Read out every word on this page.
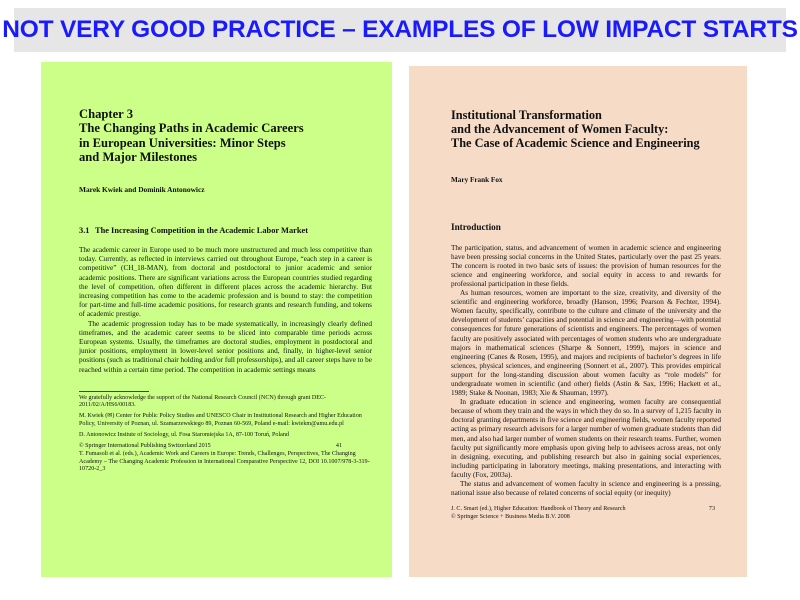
NOT VERY GOOD PRACTICE – EXAMPLES OF LOW IMPACT STARTS

Chapter 3

The Changing Paths in Academic Careers

in European Universities: Minor Steps

and Major Milestones

Marek Kwiek and Dominik Antonowicz
3.1 The Increasing Competition in the Academic Labor Market

The academic career in Europe used to be much more unstructured and much less competitive than today. Currently, as reflected in interviews carried out throughout Europe, “each step in a career is competitive” (CH_18-MAN), from doctoral and postdoctoral to junior academic and senior academic positions. There are significant variations across the European countries studied regarding the level of competition, often different in different places across the academic hierarchy. But increasing competition has come to the academic profession and is bound to stay: the competition for part-time and full-time academic positions, for research grants and research funding, and tokens of academic prestige.

The academic progression today has to be made systematically, in increasingly clearly defined timeframes, and the academic career seems to be sliced into comparable time periods across European systems. Usually, the timeframes are doctoral studies, employment in postdoctoral and junior positions, employment in lower-level senior positions and, finally, in higher-level senior positions (such as traditional chair holding and/or full professorships), and all career steps have to be reached within a certain time period. The competition in academic settings means

We gratefully acknowledge the support of the National Research Council (NCN) through grant DEC-2011/02/A/HS6/00183.

M. Kwiek (✉) Center for Public Policy Studies and UNESCO Chair in Institutional Research and Higher Education Policy, University of Poznan, ul. Szamarzewskiego 89, Poznan 60-569, Poland e-mail: kwiekm@amu.edu.pl

D. Antonowicz Insitute of Sociology, ul. Fosa Staromiejska 1A, 87-100 Toruń, Poland

© Springer International Publishing Switzerland 2015

T. Fumasoli et al. (eds.), Academic Work and Careers in Europe: Trends, Challenges, Perspectives, The Changing Academy – The Changing Academic Profession in International Comparative Perspective 12, DOI 10.1007/978-3-319-10720-2_3

41

Institutional Transformation

and the Advancement of Women Faculty:

The Case of Academic Science and Engineering

Mary Frank Fox
Introduction

The participation, status, and advancement of women in academic science and engineering have been pressing social concerns in the United States, particularly over the past 25 years. The concern is rooted in two basic sets of issues: the provision of human resources for the science and engineering workforce, and social equity in access to and rewards for professional participation in these fields.

As human resources, women are important to the size, creativity, and diversity of the scientific and engineering workforce, broadly (Hanson, 1996; Pearson & Fechter, 1994). Women faculty, specifically, contribute to the culture and climate of the university and the development of students’ capacities and potential in science and engineering—with potential consequences for future generations of scientists and engineers. The percentages of women faculty are positively associated with percentages of women students who are undergraduate majors in mathematical sciences (Sharpe & Sonnert, 1999), majors in science and engineering (Canes & Rosen, 1995), and majors and recipients of bachelor’s degrees in life sciences, physical sciences, and engineering (Sonnert et al., 2007). This provides empirical support for the long-standing discussion about women faculty as “role models” for undergraduate women in scientific (and other) fields (Astin & Sax, 1996; Hackett et al., 1989; Stake & Noonan, 1983; Xie & Shauman, 1997).

In graduate education in science and engineering, women faculty are consequential because of whom they train and the ways in which they do so. In a survey of 1,215 faculty in doctoral granting departments in five science and engineering fields, women faculty reported acting as primary research advisors for a larger number of women graduate students than did men, and also had larger number of women students on their research teams. Further, women faculty put significantly more emphasis upon giving help to advisees across areas, not only in designing, executing, and publishing research but also in gaining social experiences, including participating in laboratory meetings, making presentations, and interacting with faculty (Fox, 2003a).

The status and advancement of women faculty in science and engineering is a pressing, national issue also because of related concerns of social equity (or inequity)

J. C. Smart (ed.), Higher Education: Handbook of Theory and Research

© Springer Science + Business Media B.V. 2008

73
